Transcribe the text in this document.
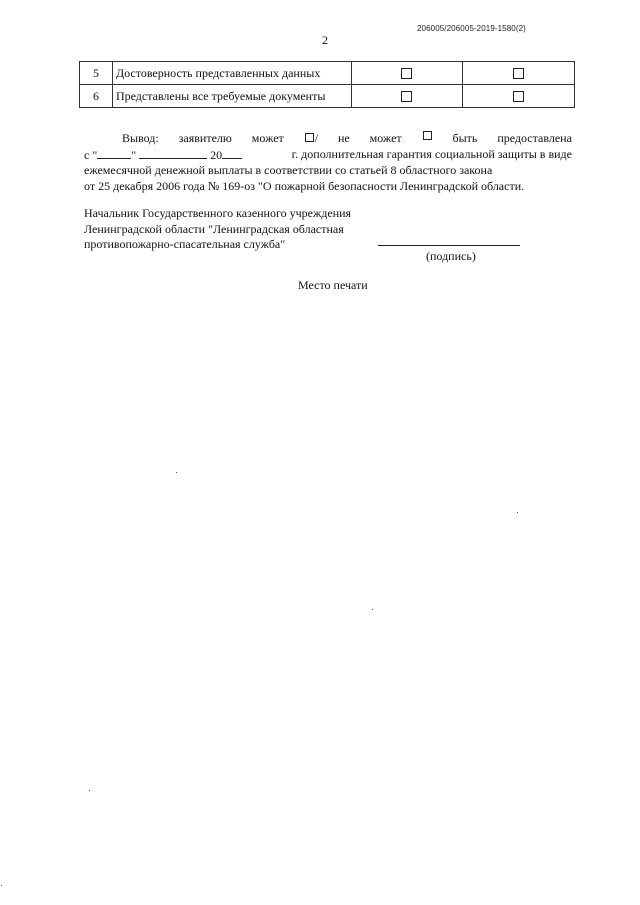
2
206005/206005-2019-1580(2)
5	Достоверность представленных данных		
6	Представлены все требуемые документы		
Вывод: заявителю может	/ не может	быть предоставлена
с "	"	20	г. дополнительная гарантия социальной защиты в виде
ежемесячной денежной выплаты в соответствии со статьей 8 областного закона
от 25 декабря 2006 года № 169-оз "О пожарной безопасности Ленинградской области.
Начальник Государственного казенного учреждения
Ленинградской области "Ленинградская областная
противопожарно-спасательная служба"
(подпись)
Место печати
